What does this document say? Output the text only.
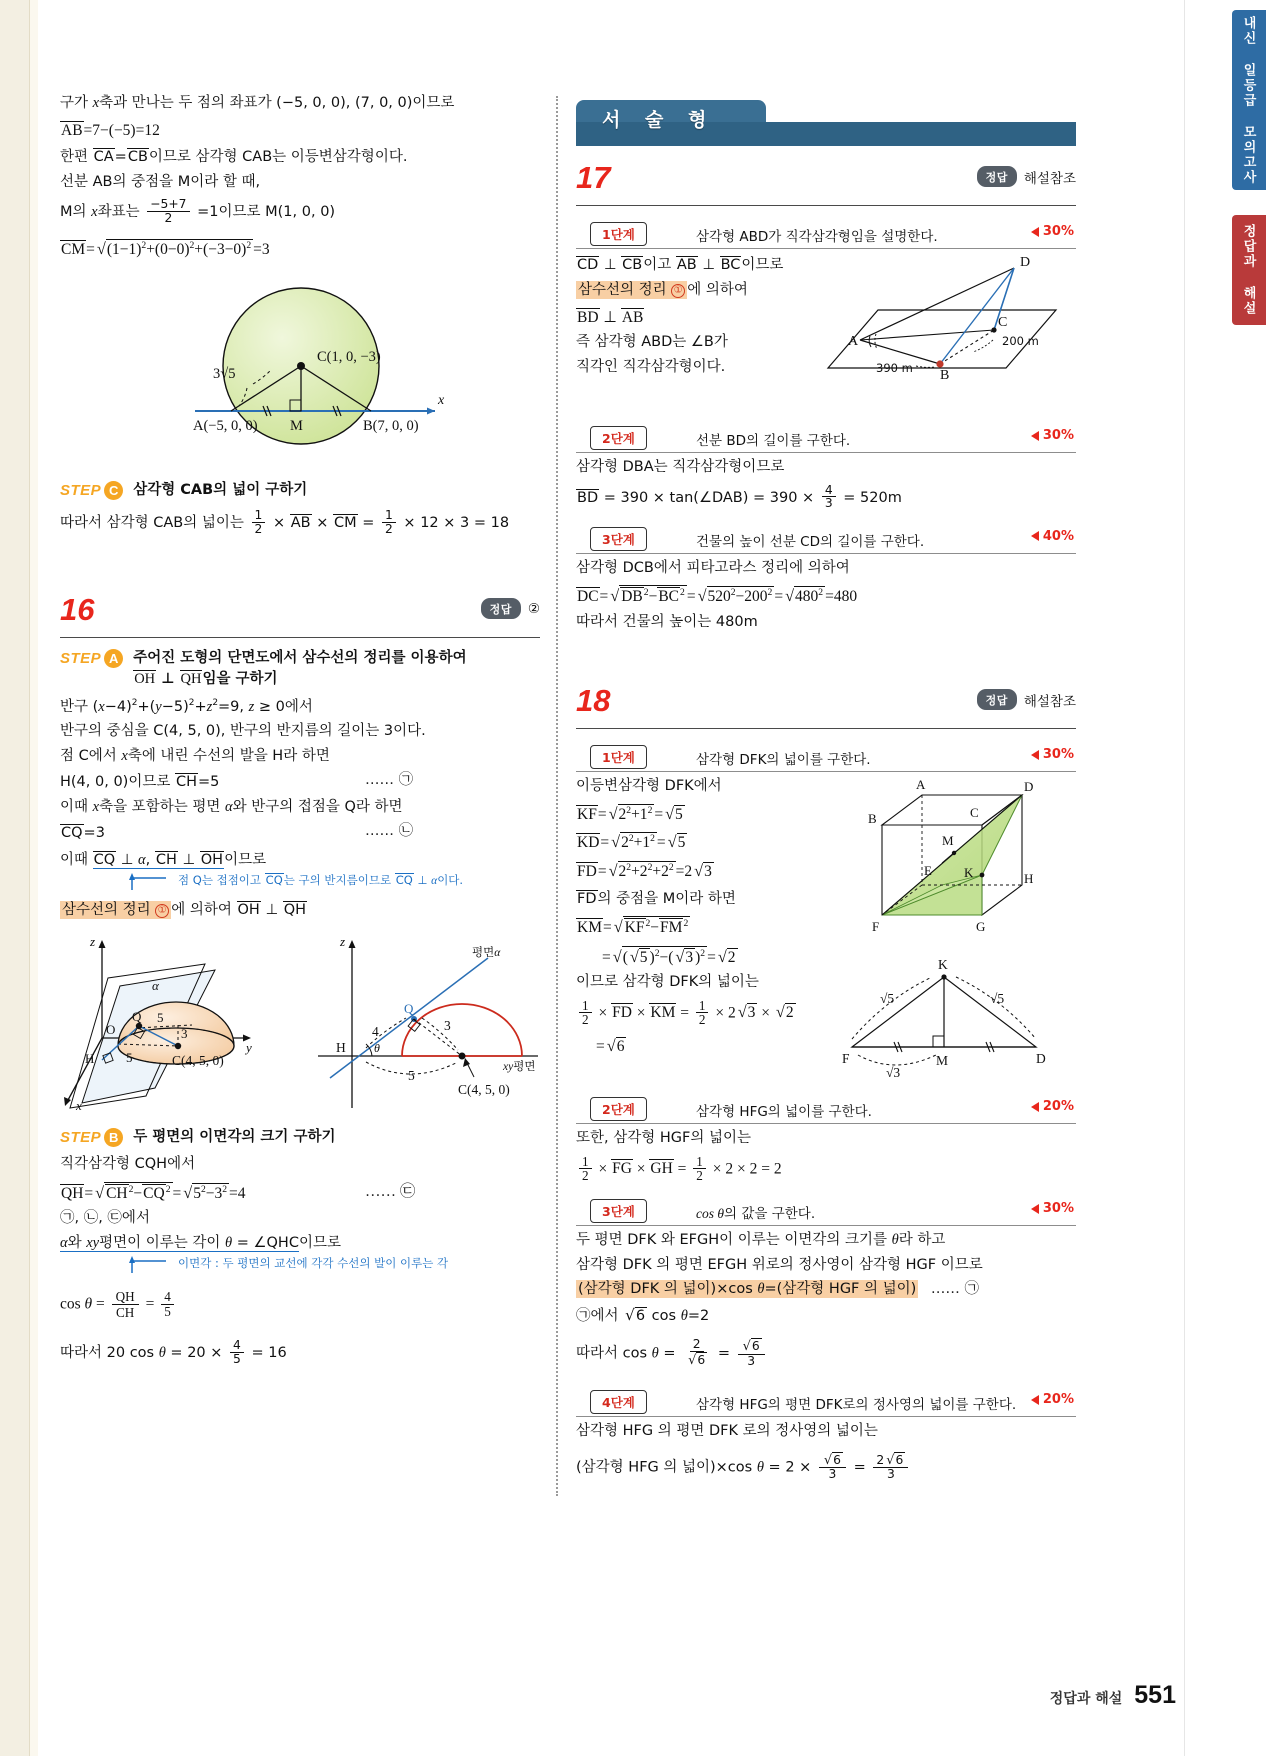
내신 일등급 모의고사
정답과 해설
구가 x축과 만나는 두 점의 좌표가 (−5, 0, 0), (7, 0, 0)이므로
AB=7−(−5)=12
한편 CA=CB이므로 삼각형 CAB는 이등변삼각형이다.
선분 AB의 중점을 M이라 할 때,
M의 x좌표는 $\frac{-5+7}{2} =1$이므로 M(1, 0, 0)
$CM= √(1-1)^2+(0-0)^2+(-3-0)^2 =3$
x
C(1, 0, −3)
A(−5, 0, 0)	B(7, 0, 0)
M
3√5
STEP C	삼각형 CAB의 넓이 구하기
따라서 삼각형 CAB의 넓이는 $\frac{1}{2}$ × AB × CM = $\frac{1}{2} \times 12 \times 3 = 18$
16	정답	②
STEP A	주어진 도형의 단면도에서 삼수선의 정리를 이용하여
OH ⊥ QH임을 구하기
반구 $(x-4)^2+(y-5)^2+z^2=9$, z ≥ 0에서
반구의 중심을 C(4, 5, 0), 반구의 반지름의 길이는 3이다.
점 C에서 x축에 내린 수선의 발을 H라 하면
H(4, 0, 0)이므로 CH=5	…… ㉠
이때 x축을 포함하는 평면 α와 반구의 접점을 Q라 하면
CQ=3	…… ㉡
이때 CQ ⊥ α, CH ⊥ OH이므로
점 Q는 접점이고 CQ는 구의 반지름이므로 CQ ⊥ α이다.
삼수선의 정리 ① 에 의하여 OH ⊥ QH
z
y
x
O
Q
H
5
3
5	C(4, 5, 0)
α
z
xy평면
평면α
Q
θ
H
4	3
5
C(4, 5, 0)
STEP B	두 평면의 이면각의 크기 구하기
직각삼각형 CQH에서
QH= √ $CH^2-CQ^2 = √5^2-3^2 =4$	…… ㉢
㉠, ㉡, ㉢에서
α와 xy평면이 이루는 각이 θ = ∠QHC이므로
이면각 : 두 평면의 교선에 각각 수선의 발이 이루는 각
$\cos \theta = \frac{QH}{CH} = \frac{4}{5}$
따라서 20 $\cos \theta = 20 \times \frac{4}{5} = 16$
서 술 형
17	정답	해설참조
1단계	삼각형 ABD가 직각삼각형임을 설명한다.	30%
CD ⊥ CB이고 AB ⊥ BC이므로
삼수선의 정리 ① 에 의하여
BD ⊥ AB
즉 삼각형 ABD는 ∠B가
직각인 직각삼각형이다.
D
C
A
B
200 m
390 m
2단계	선분 BD의 길이를 구한다.	30%
삼각형 DBA는 직각삼각형이므로
BD = 390 × tan(∠DAB) = $390 \times \frac{4}{3} = 520m$
3단계	건물의 높이 선분 CD의 길이를 구한다.	40%
삼각형 DCB에서 피타고라스 정리에 의하여
DC= √ $DB^2-BC^2 = √520^2-200^2 = √480^2 =480$
따라서 건물의 높이는 480m
18	정답	해설참조
1단계	삼각형 DFK의 넓이를 구한다.	30%
이등변삼각형 DFK에서
$KF= √2^2+1^2 = √5$
$KD= √2^2+1^2 = √5$
$FD= √2^2+2^2+2^2 =2$ √3
FD의 중점을 M이라 하면
KM= √ $KF^2-FM^2$
= √( √5 )$^2$−( √3 )$^2$ = √2
이므로 삼각형 DFK의 넓이는
$\frac{1}{2}$ × FD × KM = $\frac{1}{2} \times 2$ √3 × √2
= √6
A	D
B	C
M
E K	H
F	G
K
F	M	D
√5	√5
√3
2단계	삼각형 HFG의 넓이를 구한다.	20%
또한, 삼각형 HGF의 넓이는
$\frac{1}{2}$ × FG × GH = $\frac{1}{2} \times 2 \times 2 = 2$
3단계	cos θ의 값을 구한다.	30%
두 평면 DFK 와 EFGH이 이루는 이면각의 크기를 θ라 하고
삼각형 DFK 의 평면 EFGH 위로의 정사영이 삼각형 HGF 이므로
(삼각형 DFK 의 넓이)×cos θ=(삼각형 HGF 의 넓이) …… ㉠
㉠에서 √6 cos θ=2
따라서 $\cos \theta = \frac{2}{√6} = \frac{√6}{3}$
4단계	삼각형 HFG의 평면 DFK로의 정사영의 넓이를 구한다. 20%
삼각형 HFG 의 평면 DFK 로의 정사영의 넓이는
(삼각형 HFG 의 넓이)×cos $\theta = 2 \times \frac{√6}{3} = \frac{2 √6}{3}$
정답과 해설 551
